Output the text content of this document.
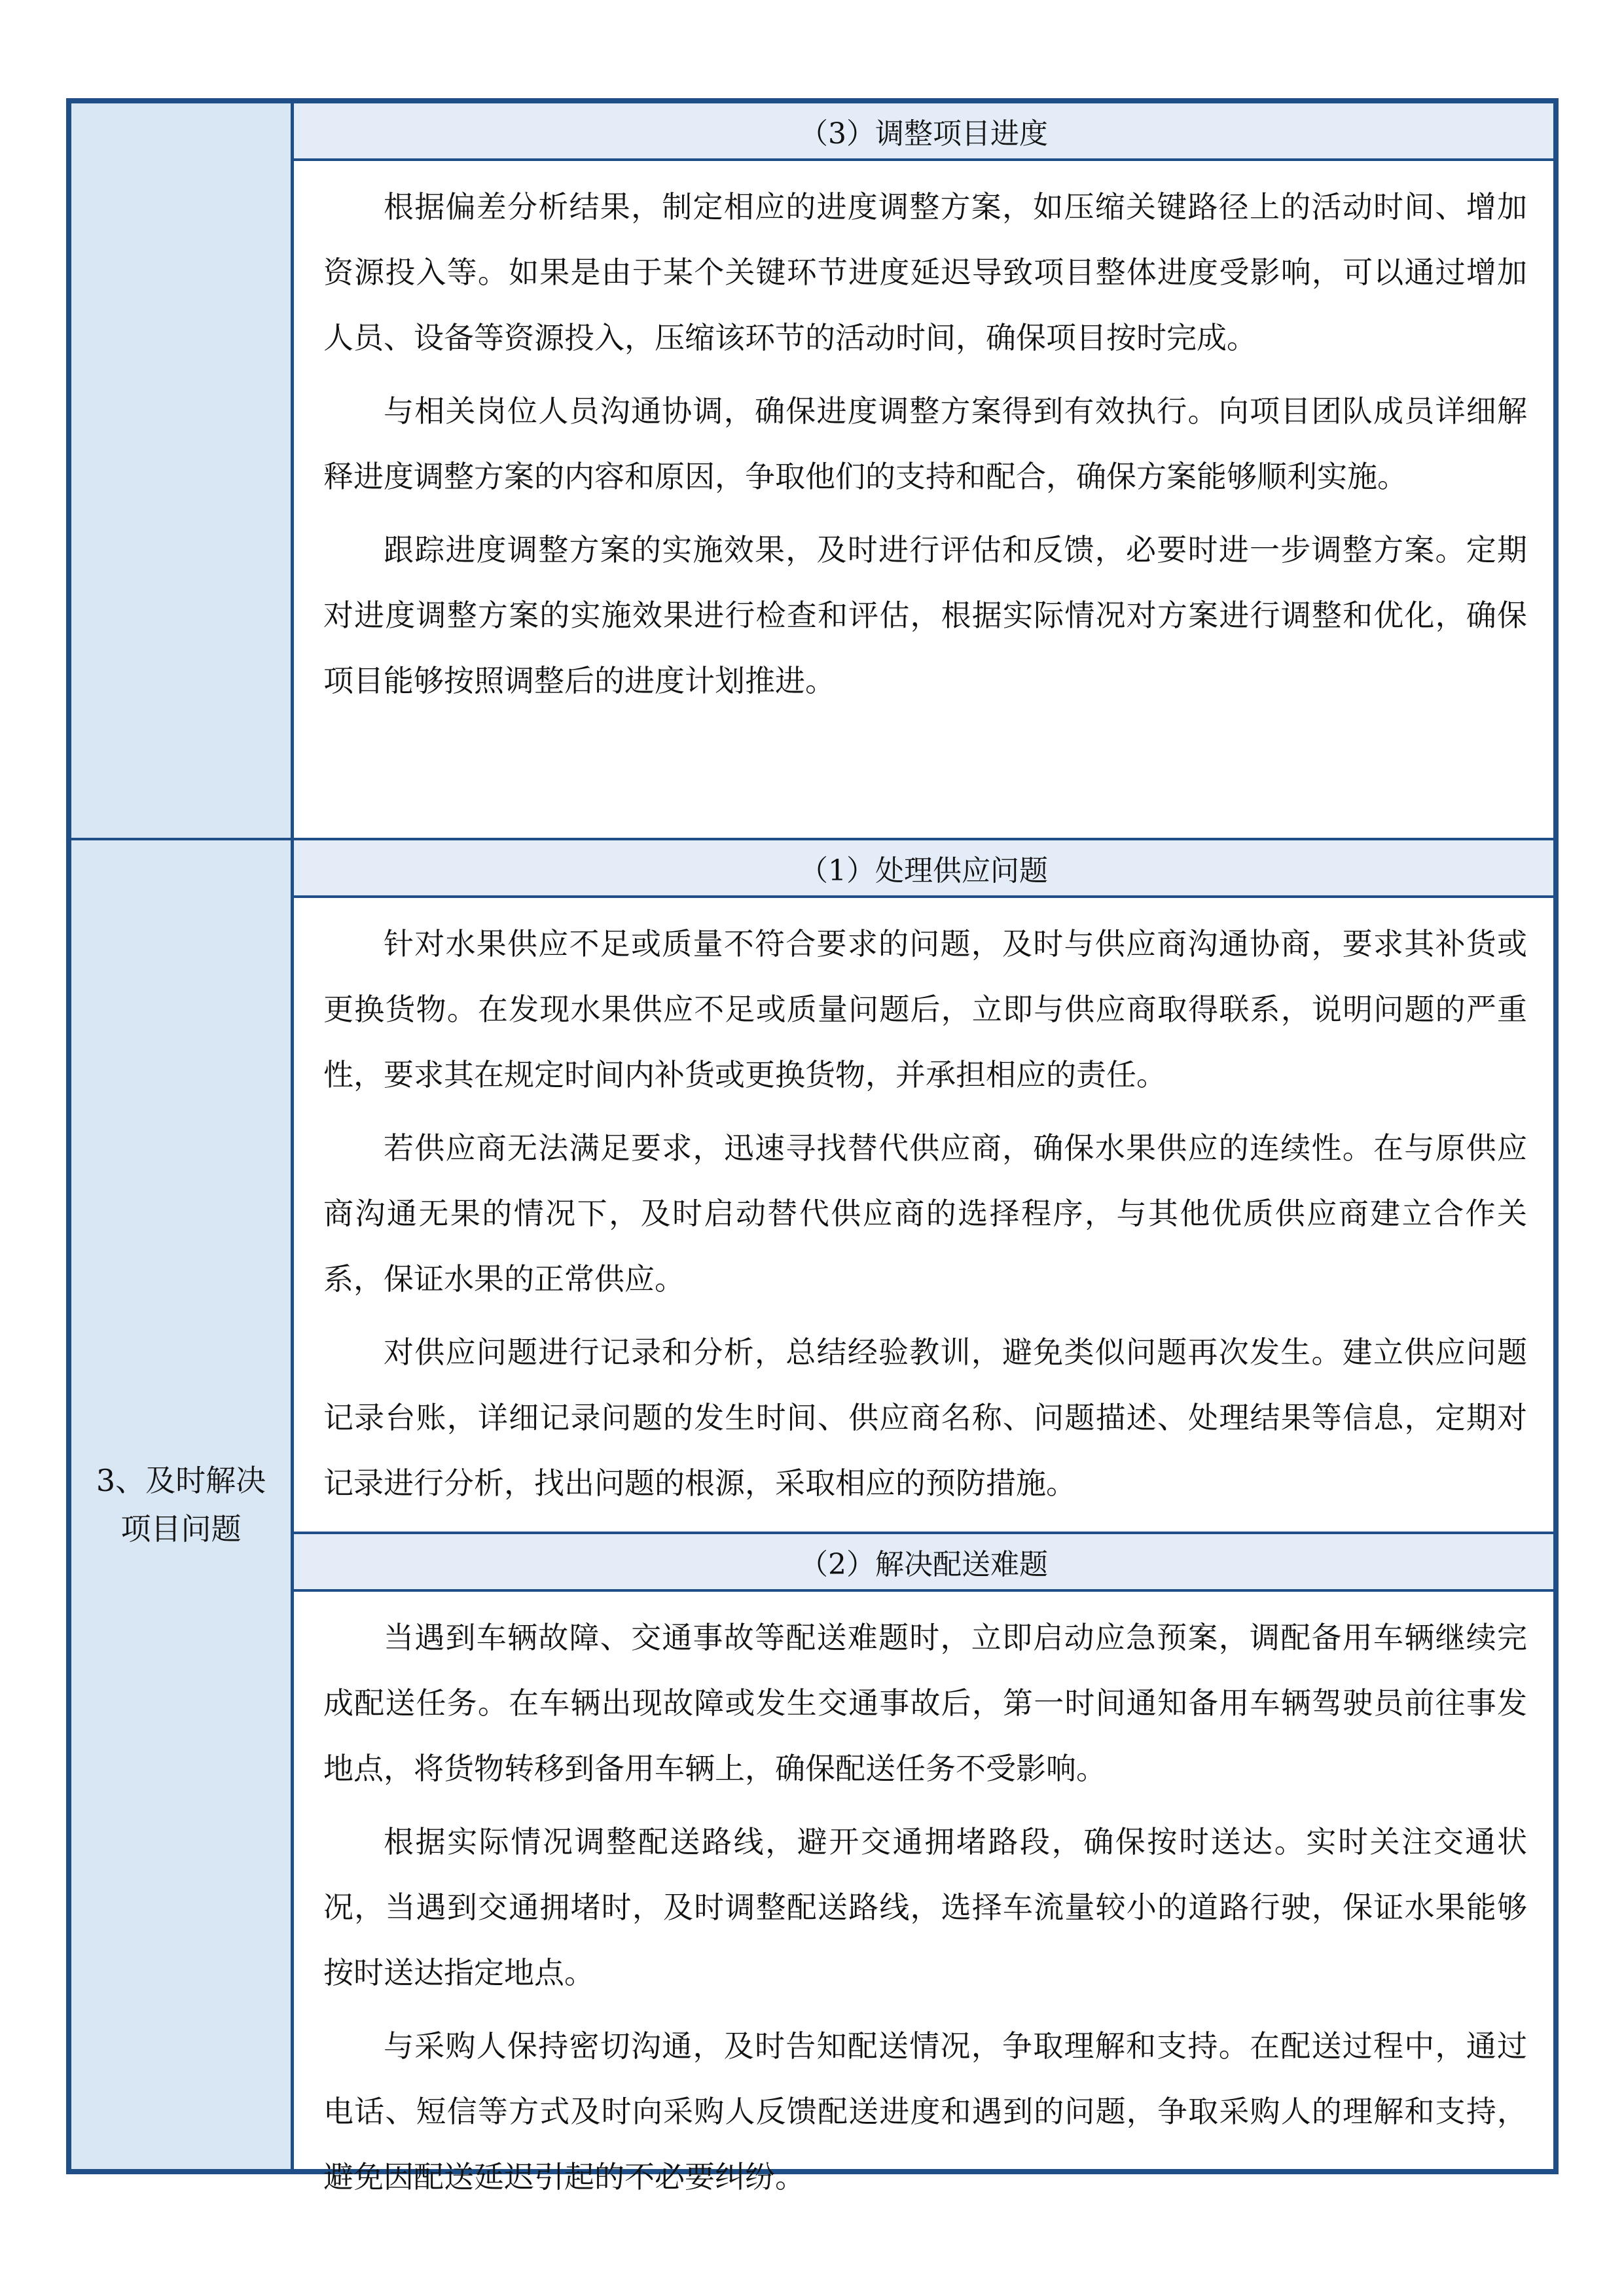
（3）调整项目进度

根据偏差分析结果，制定相应的进度调整方案，如压缩关键路径上的活动时间、增加资源投入等。如果是由于某个关键环节进度延迟导致项目整体进度受影响，可以通过增加人员、设备等资源投入，压缩该环节的活动时间，确保项目按时完成。

与相关岗位人员沟通协调，确保进度调整方案得到有效执行。向项目团队成员详细解释进度调整方案的内容和原因，争取他们的支持和配合，确保方案能够顺利实施。

跟踪进度调整方案的实施效果，及时进行评估和反馈，必要时进一步调整方案。定期对进度调整方案的实施效果进行检查和评估，根据实际情况对方案进行调整和优化，确保项目能够按照调整后的进度计划推进。

3、及时解决项目问题
（1）处理供应问题

针对水果供应不足或质量不符合要求的问题，及时与供应商沟通协商，要求其补货或更换货物。在发现水果供应不足或质量问题后，立即与供应商取得联系，说明问题的严重性，要求其在规定时间内补货或更换货物，并承担相应的责任。

若供应商无法满足要求，迅速寻找替代供应商，确保水果供应的连续性。在与原供应商沟通无果的情况下，及时启动替代供应商的选择程序，与其他优质供应商建立合作关系，保证水果的正常供应。

对供应问题进行记录和分析，总结经验教训，避免类似问题再次发生。建立供应问题记录台账，详细记录问题的发生时间、供应商名称、问题描述、处理结果等信息，定期对记录进行分析，找出问题的根源，采取相应的预防措施。

（2）解决配送难题

当遇到车辆故障、交通事故等配送难题时，立即启动应急预案，调配备用车辆继续完成配送任务。在车辆出现故障或发生交通事故后，第一时间通知备用车辆驾驶员前往事发地点，将货物转移到备用车辆上，确保配送任务不受影响。

根据实际情况调整配送路线，避开交通拥堵路段，确保按时送达。实时关注交通状况，当遇到交通拥堵时，及时调整配送路线，选择车流量较小的道路行驶，保证水果能够按时送达指定地点。

与采购人保持密切沟通，及时告知配送情况，争取理解和支持。在配送过程中，通过电话、短信等方式及时向采购人反馈配送进度和遇到的问题，争取采购人的理解和支持，避免因配送延迟引起的不必要纠纷。
